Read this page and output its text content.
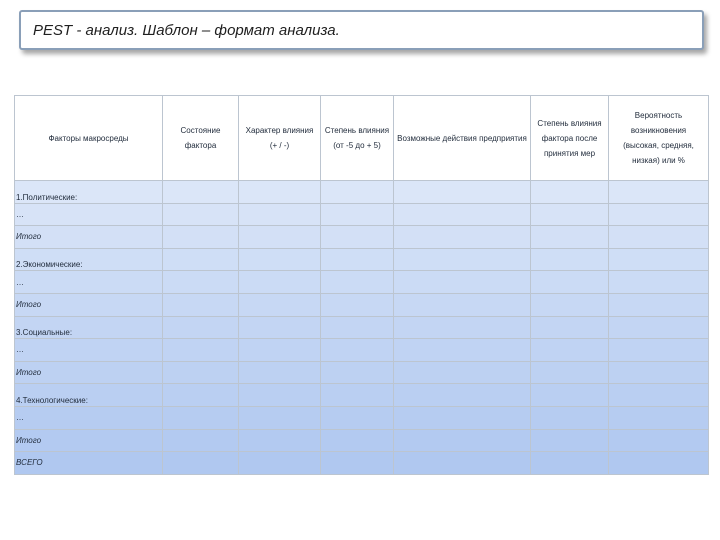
PEST - анализ. Шаблон – формат анализа.
Факторы макросреды	Состояние фактора	Характер влияния (+ / -)	Степень влияния (от -5 до + 5)	Возможные действия предприятия	Степень влияния фактора после принятия мер	Вероятность возникновения (высокая, средняя, низкая) или %
1.Политические:						
…						
Итого						
2.Экономические:						
…						
Итого						
3.Социальные:						
…						
Итого						
4.Технологические:						
…						
Итого						
ВСЕГО						
